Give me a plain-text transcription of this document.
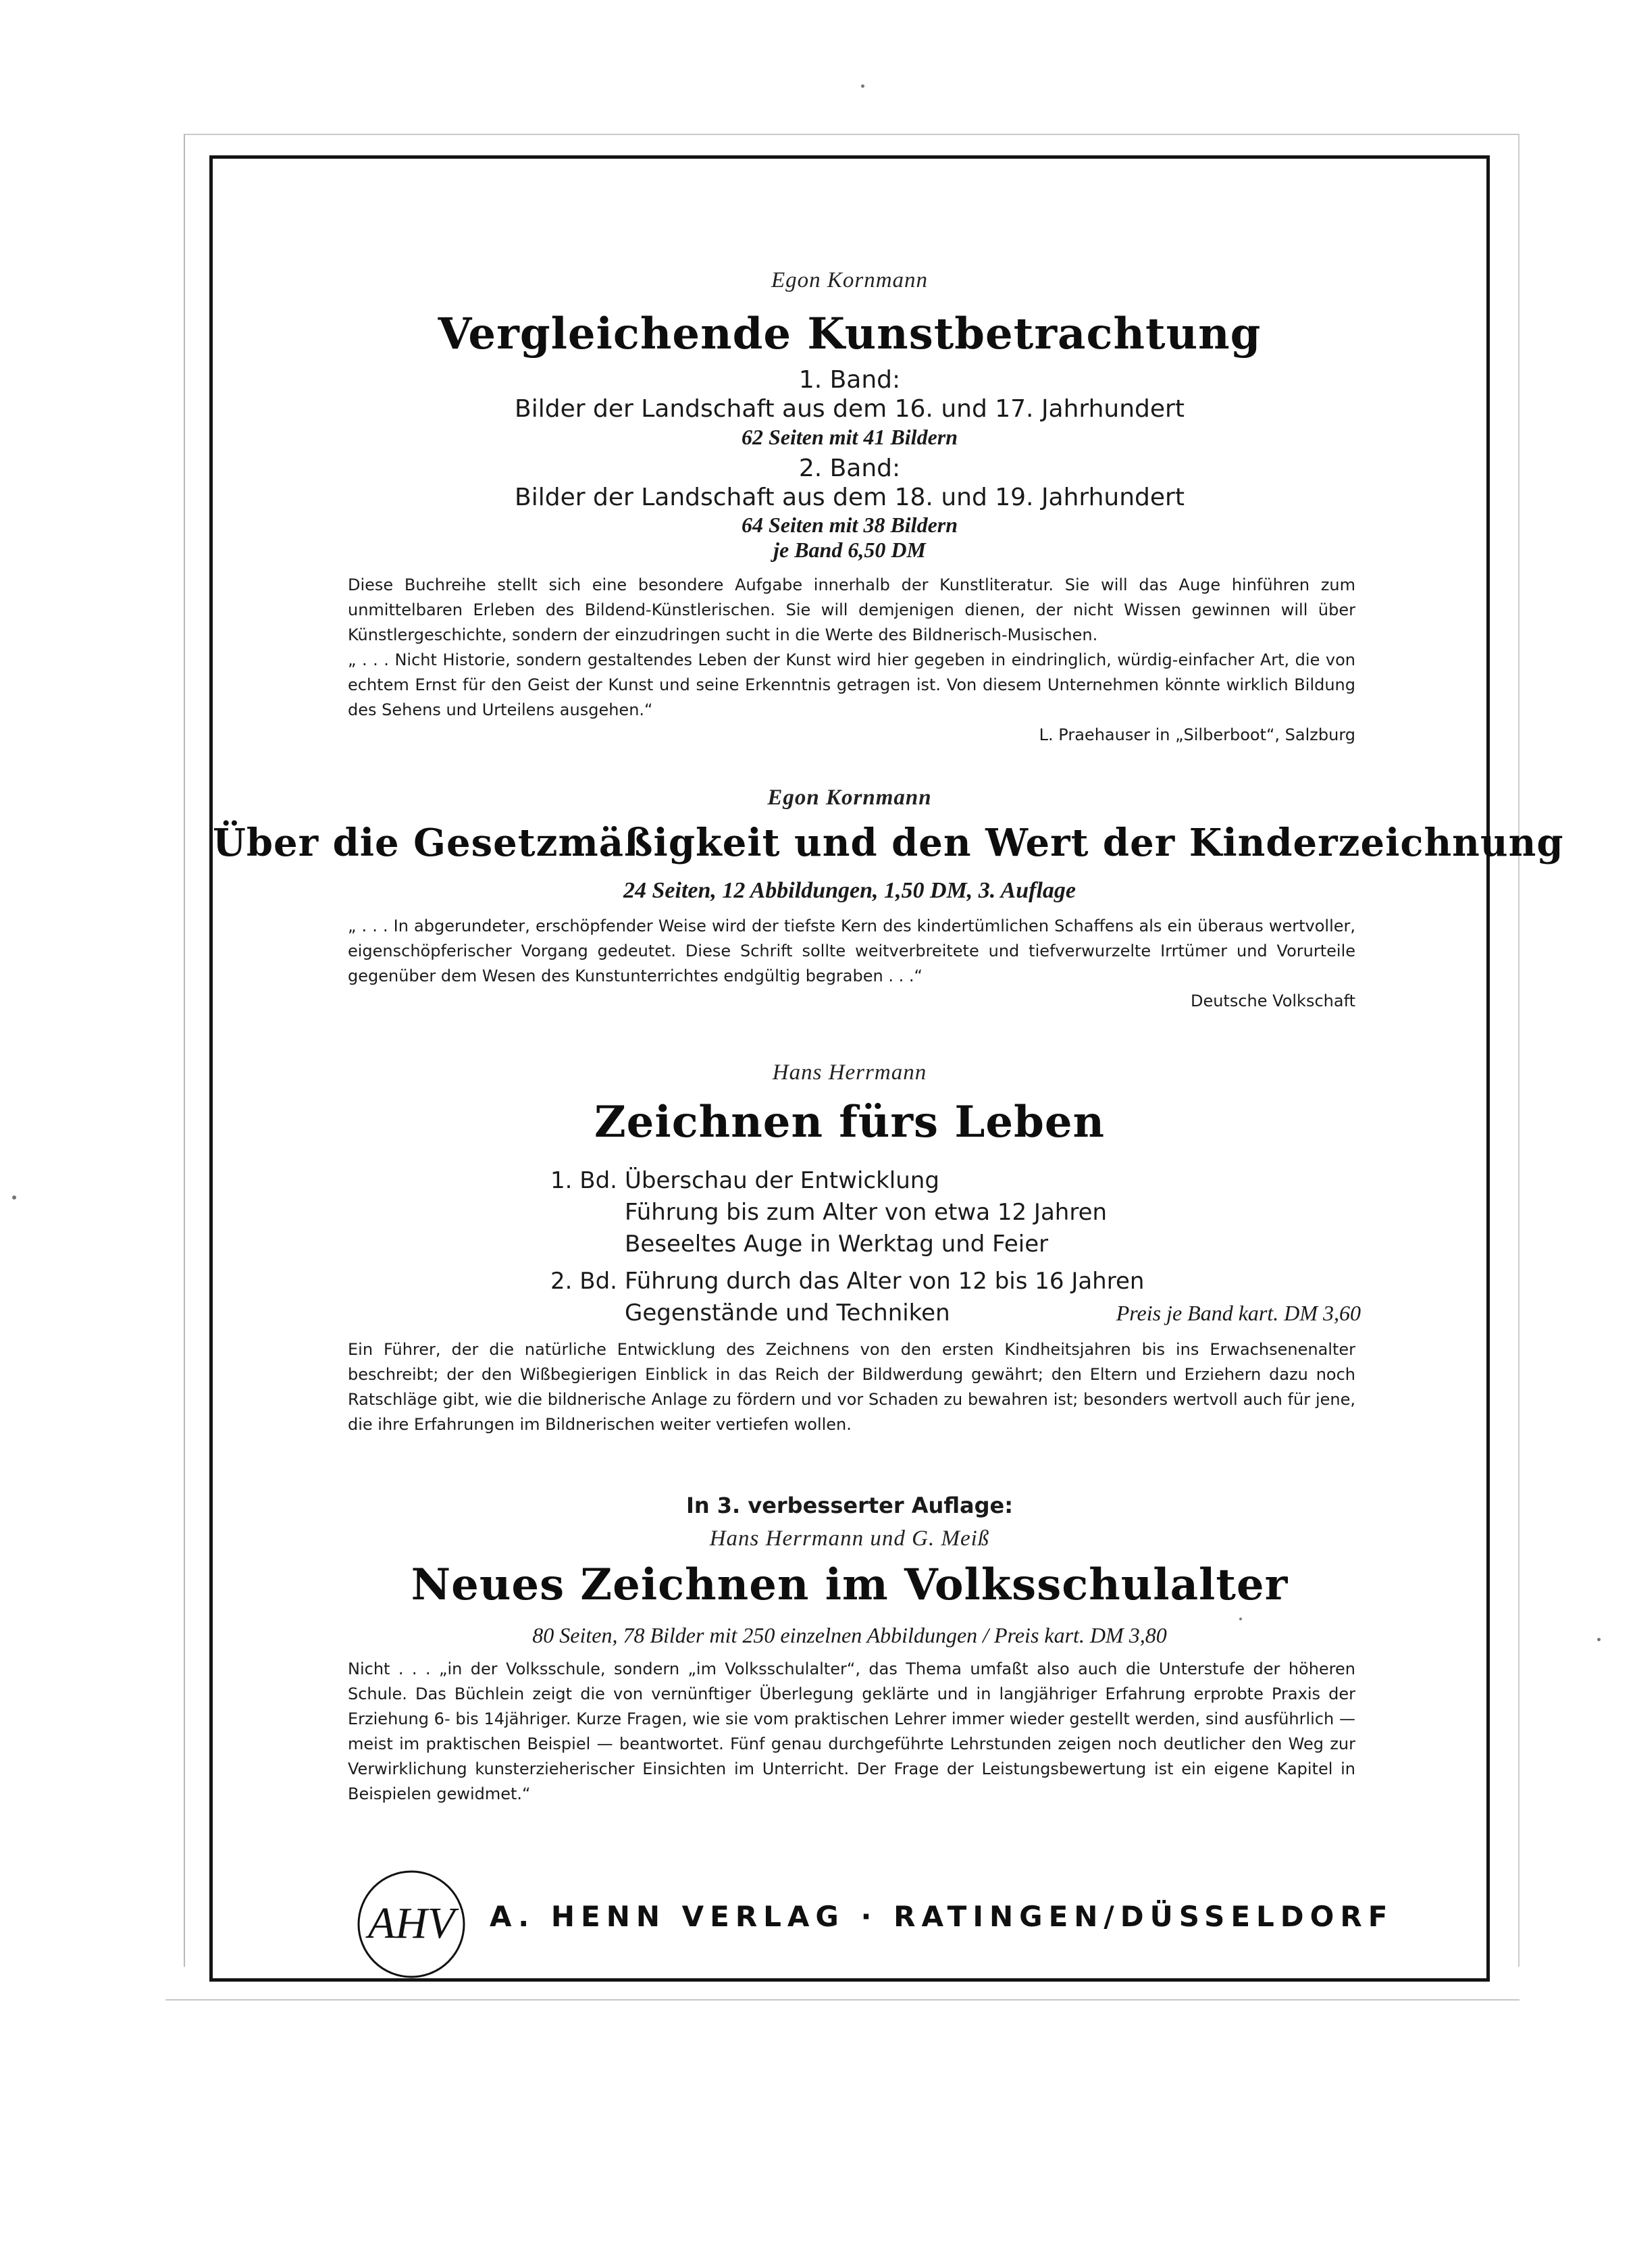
Egon Kornmann
Vergleichende Kunstbetrachtung
1. Band:
Bilder der Landschaft aus dem 16. und 17. Jahrhundert
62 Seiten mit 41 Bildern
2. Band:
Bilder der Landschaft aus dem 18. und 19. Jahrhundert
64 Seiten mit 38 Bildern
je Band 6,50 DM

Diese Buchreihe stellt sich eine besondere Aufgabe innerhalb der Kunstliteratur. Sie will das Auge hinführen zum unmittelbaren Erleben des Bildend-Künstlerischen. Sie will demjenigen dienen, der nicht Wissen gewinnen will über Künstlergeschichte, sondern der einzudringen sucht in die Werte des Bildnerisch-Musischen.

„ . . . Nicht Historie, sondern gestaltendes Leben der Kunst wird hier gegeben in eindringlich, würdig-einfacher Art, die von echtem Ernst für den Geist der Kunst und seine Erkenntnis getragen ist. Von diesem Unternehmen könnte wirklich Bildung des Sehens und Urteilens ausgehen.“

L. Praehauser in „Silberboot“, Salzburg

Egon Kornmann
Über die Gesetzmäßigkeit und den Wert der Kinderzeichnung
24 Seiten, 12 Abbildungen, 1,50 DM, 3. Auflage

„ . . . In abgerundeter, erschöpfender Weise wird der tiefste Kern des kindertümlichen Schaffens als ein überaus wertvoller, eigenschöpferischer Vorgang gedeutet. Diese Schrift sollte weitverbreitete und tiefverwurzelte Irrtümer und Vorurteile gegenüber dem Wesen des Kunstunterrichtes endgültig begraben . . .“

Deutsche Volkschaft

Hans Herrmann
Zeichnen fürs Leben
1. Bd. Überschau der Entwicklung
Führung bis zum Alter von etwa 12 Jahren
Beseeltes Auge in Werktag und Feier
2. Bd. Führung durch das Alter von 12 bis 16 Jahren
Gegenstände und Techniken	Preis je Band kart. DM 3,60

Ein Führer, der die natürliche Entwicklung des Zeichnens von den ersten Kindheitsjahren bis ins Erwachsenenalter beschreibt; der den Wißbegierigen Einblick in das Reich der Bildwerdung gewährt; den Eltern und Erziehern dazu noch Ratschläge gibt, wie die bildnerische Anlage zu fördern und vor Schaden zu bewahren ist; besonders wertvoll auch für jene, die ihre Erfahrungen im Bildnerischen weiter vertiefen wollen.

In 3. verbesserter Auflage:
Hans Herrmann und G. Meiß
Neues Zeichnen im Volksschulalter
80 Seiten, 78 Bilder mit 250 einzelnen Abbildungen / Preis kart. DM 3,80

Nicht . . . „in der Volksschule, sondern „im Volksschulalter“, das Thema umfaßt also auch die Unterstufe der höheren Schule. Das Büchlein zeigt die von vernünftiger Überlegung geklärte und in langjähriger Erfahrung erprobte Praxis der Erziehung 6- bis 14jähriger. Kurze Fragen, wie sie vom praktischen Lehrer immer wieder gestellt werden, sind ausführlich — meist im praktischen Beispiel — beantwortet. Fünf genau durchgeführte Lehrstunden zeigen noch deutlicher den Weg zur Verwirklichung kunsterzieherischer Einsichten im Unterricht. Der Frage der Leistungsbewertung ist ein eigene Kapitel in Beispielen gewidmet.“

AHV A. HENN VERLAG · RATINGEN/DÜSSELDORF
